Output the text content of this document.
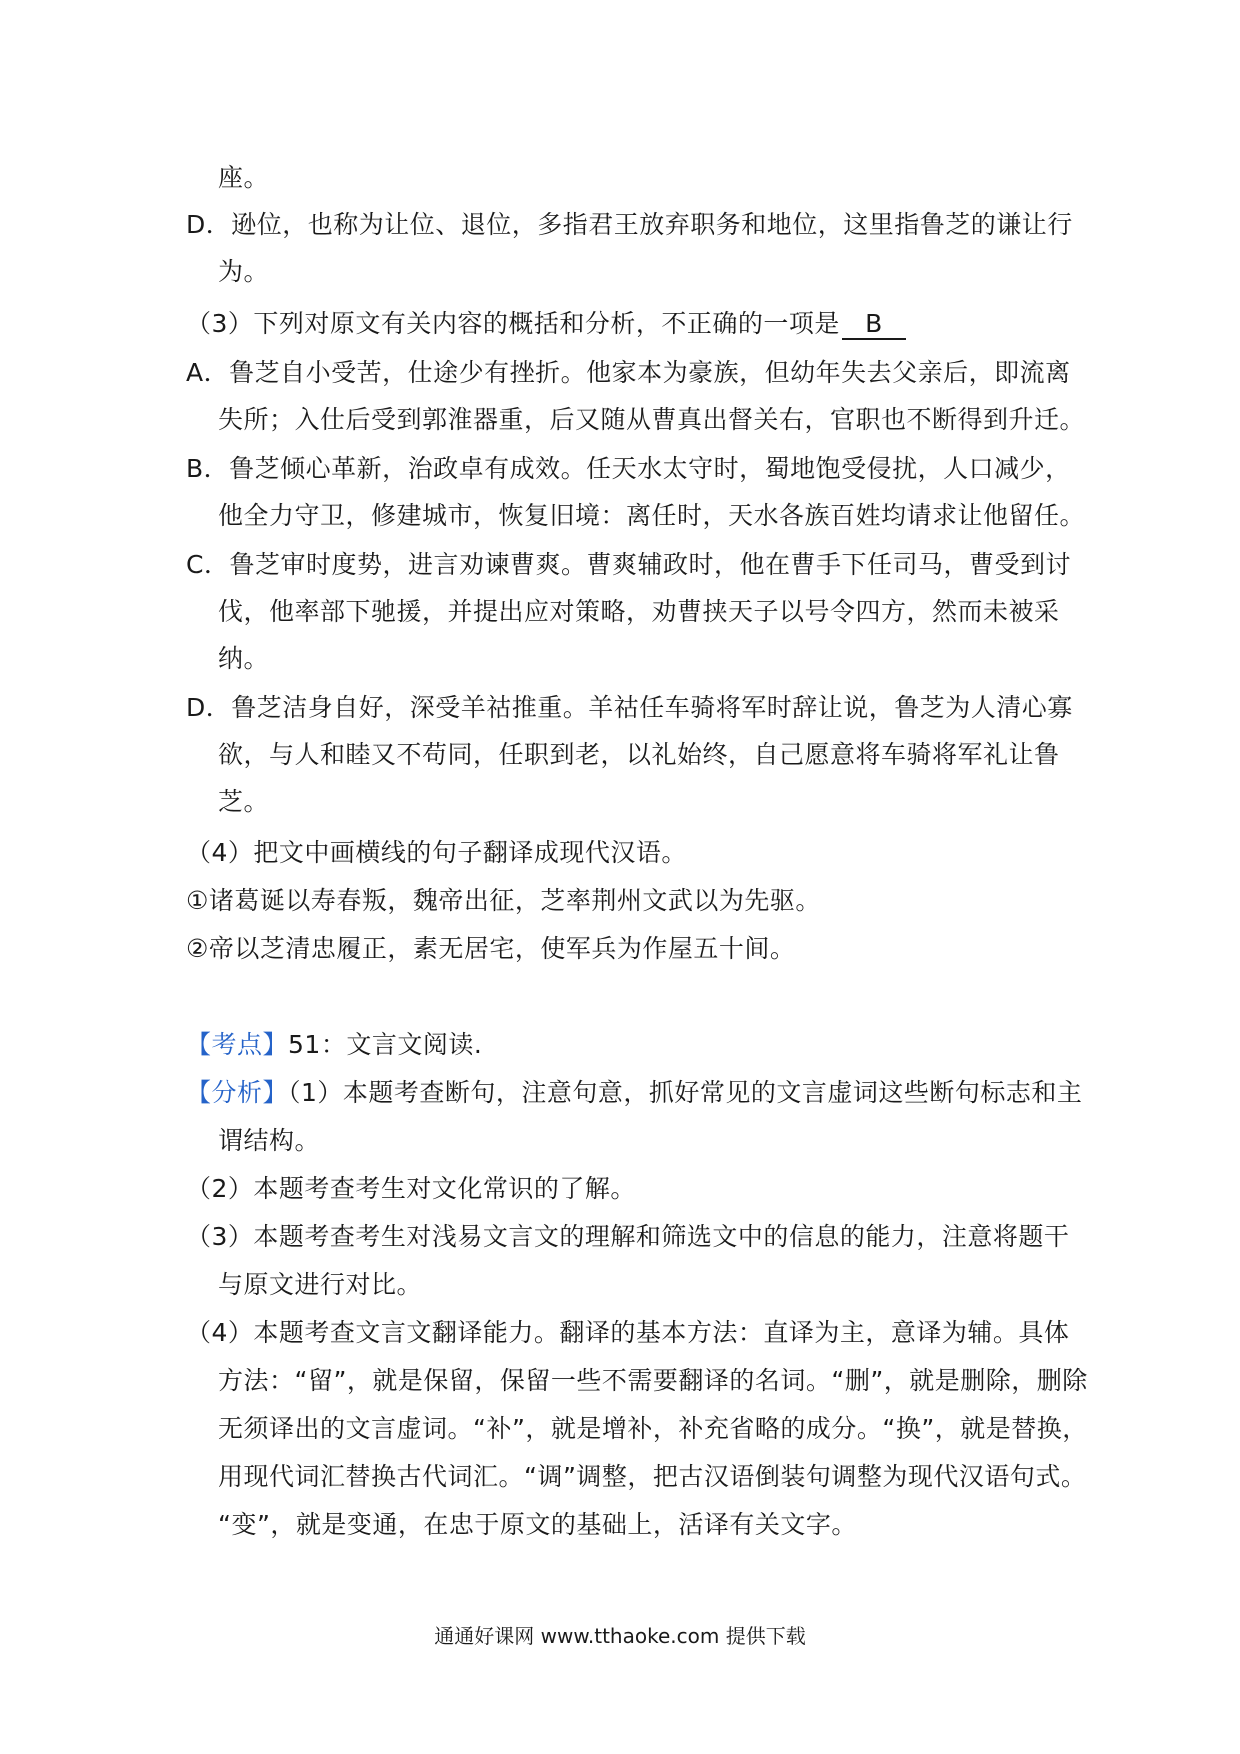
座。
D．逊位，也称为让位、退位，多指君王放弃职务和地位，这里指鲁芝的谦让行
为。
（3）下列对原文有关内容的概括和分析，不正确的一项是 B
A．鲁芝自小受苦，仕途少有挫折。他家本为豪族，但幼年失去父亲后，即流离
失所；入仕后受到郭淮器重，后又随从曹真出督关右，官职也不断得到升迁。
B．鲁芝倾心革新，治政卓有成效。任天水太守时，蜀地饱受侵扰，人口减少，
他全力守卫，修建城市，恢复旧境：离任时，天水各族百姓均请求让他留任。
C．鲁芝审时度势，进言劝谏曹爽。曹爽辅政时，他在曹手下任司马，曹受到讨
伐，他率部下驰援，并提出应对策略，劝曹挟天子以号令四方，然而未被采
纳。
D．鲁芝洁身自好，深受羊祜推重。羊祜任车骑将军时辞让说，鲁芝为人清心寡
欲，与人和睦又不苟同，任职到老，以礼始终，自己愿意将车骑将军礼让鲁
芝。
（4）把文中画横线的句子翻译成现代汉语。
①诸葛诞以寿春叛，魏帝出征，芝率荆州文武以为先驱。
②帝以芝清忠履正，素无居宅，使军兵为作屋五十间。
【考点】51：文言文阅读.
【分析】（1）本题考查断句，注意句意，抓好常见的文言虚词这些断句标志和主
谓结构。
（2）本题考查考生对文化常识的了解。
（3）本题考查考生对浅易文言文的理解和筛选文中的信息的能力，注意将题干
与原文进行对比。
（4）本题考查文言文翻译能力。翻译的基本方法：直译为主，意译为辅。具体
方法：“留”，就是保留，保留一些不需要翻译的名词。“删”，就是删除，删除
无须译出的文言虚词。“补”，就是增补，补充省略的成分。“换”，就是替换，
用现代词汇替换古代词汇。“调”调整，把古汉语倒装句调整为现代汉语句式。
“变”，就是变通，在忠于原文的基础上，活译有关文字。
通通好课网 www.tthaoke.com 提供下载
